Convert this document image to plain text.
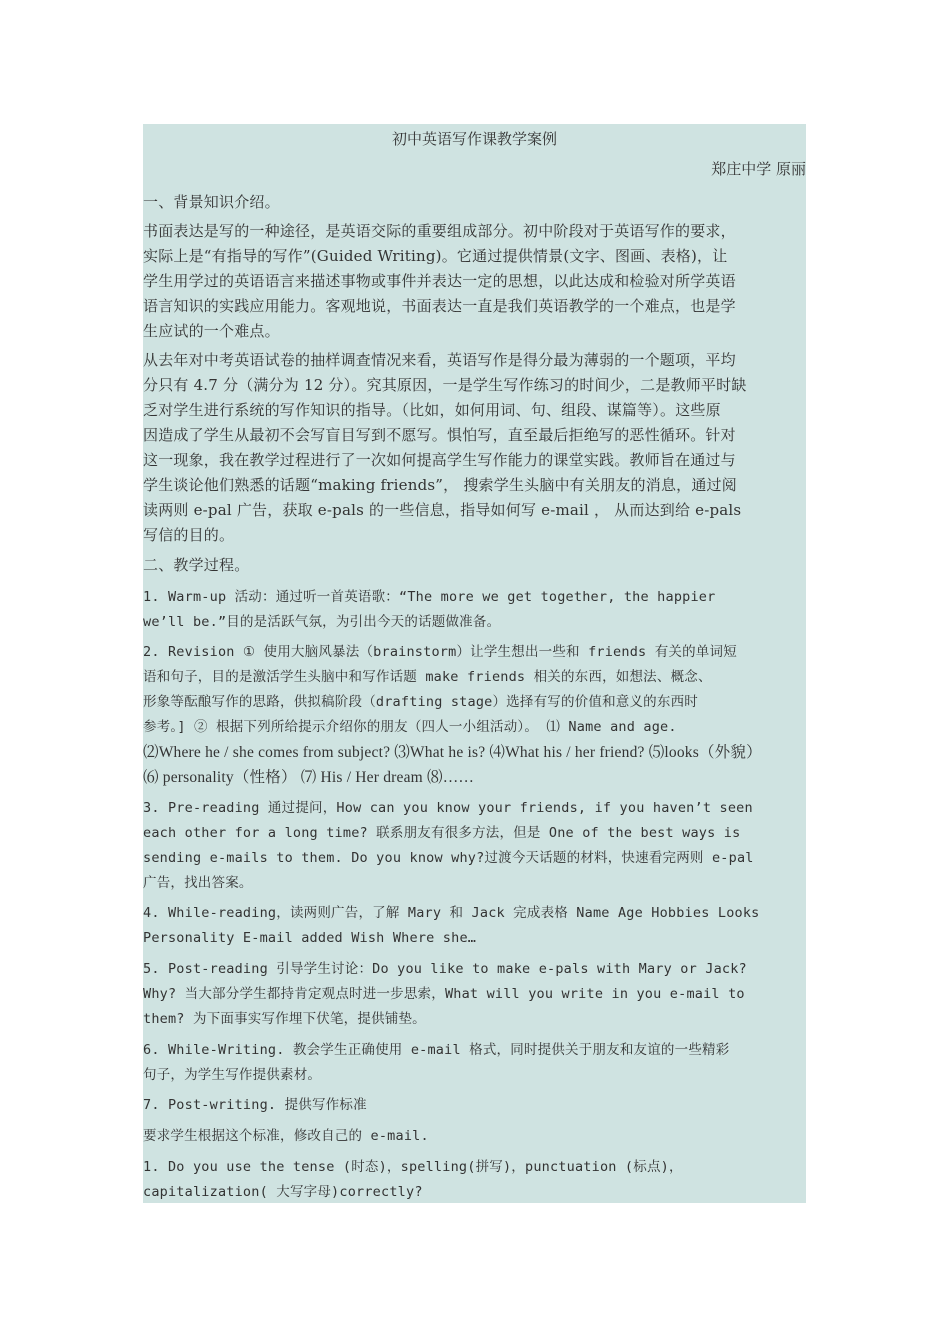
初中英语写作课教学案例
郑庄中学 原丽
一、背景知识介绍。
书面表达是写的一种途径，是英语交际的重要组成部分。初中阶段对于英语写作的要求，
实际上是“有指导的写作”(Guided Writing)。它通过提供情景(文字、图画、表格)，让
学生用学过的英语语言来描述事物或事件并表达一定的思想，以此达成和检验对所学英语
语言知识的实践应用能力。客观地说，书面表达一直是我们英语教学的一个难点，也是学
生应试的一个难点。
从去年对中考英语试卷的抽样调查情况来看，英语写作是得分最为薄弱的一个题项，平均
分只有 4.7 分（满分为 12 分）。究其原因，一是学生写作练习的时间少，二是教师平时缺
乏对学生进行系统的写作知识的指导。（比如，如何用词、句、组段、谋篇等）。这些原
因造成了学生从最初不会写盲目写到不愿写。惧怕写，直至最后拒绝写的恶性循环。针对
这一现象，我在教学过程进行了一次如何提高学生写作能力的课堂实践。教师旨在通过与
学生谈论他们熟悉的话题“making friends”， 搜索学生头脑中有关朋友的消息，通过阅
读两则 e-pal 广告，获取 e-pals 的一些信息，指导如何写 e-mail ， 从而达到给 e-pals
写信的目的。
二、教学过程。
1. Warm-up 活动：通过听一首英语歌：“The more we get together, the happier
we’ll be.”目的是活跃气氛，为引出今天的话题做准备。
2. Revision ① 使用大脑风暴法（brainstorm）让学生想出一些和 friends 有关的单词短
语和句子，目的是激活学生头脑中和写作话题 make friends 相关的东西，如想法、概念、
形象等酝酿写作的思路，供拟稿阶段（drafting stage）选择有写的价值和意义的东西时
参考。] ② 根据下列所给提示介绍你的朋友（四人一小组活动）。 ⑴ Name and age.
⑵Where he / she comes from subject? ⑶What he is? ⑷What his / her friend? ⑸looks（外貌）
⑹ personality（性格） ⑺ His / Her dream ⑻……
3. Pre-reading 通过提问，How can you know your friends, if you haven’t seen
each other for a long time? 联系朋友有很多方法，但是 One of the best ways is
sending e-mails to them. Do you know why?过渡今天话题的材料，快速看完两则 e-pal
广告，找出答案。
4. While-reading，读两则广告，了解 Mary 和 Jack 完成表格 Name Age Hobbies Looks
Personality E-mail added Wish Where she…
5. Post-reading 引导学生讨论：Do you like to make e-pals with Mary or Jack?
Why? 当大部分学生都持肯定观点时进一步思索，What will you write in you e-mail to
them? 为下面事实写作埋下伏笔，提供铺垫。
6. While-Writing. 教会学生正确使用 e-mail 格式，同时提供关于朋友和友谊的一些精彩
句子，为学生写作提供素材。
7. Post-writing. 提供写作标准
要求学生根据这个标准，修改自己的 e-mail.
1. Do you use the tense (时态)，spelling(拼写)，punctuation (标点)，
capitalization( 大写字母)correctly?
